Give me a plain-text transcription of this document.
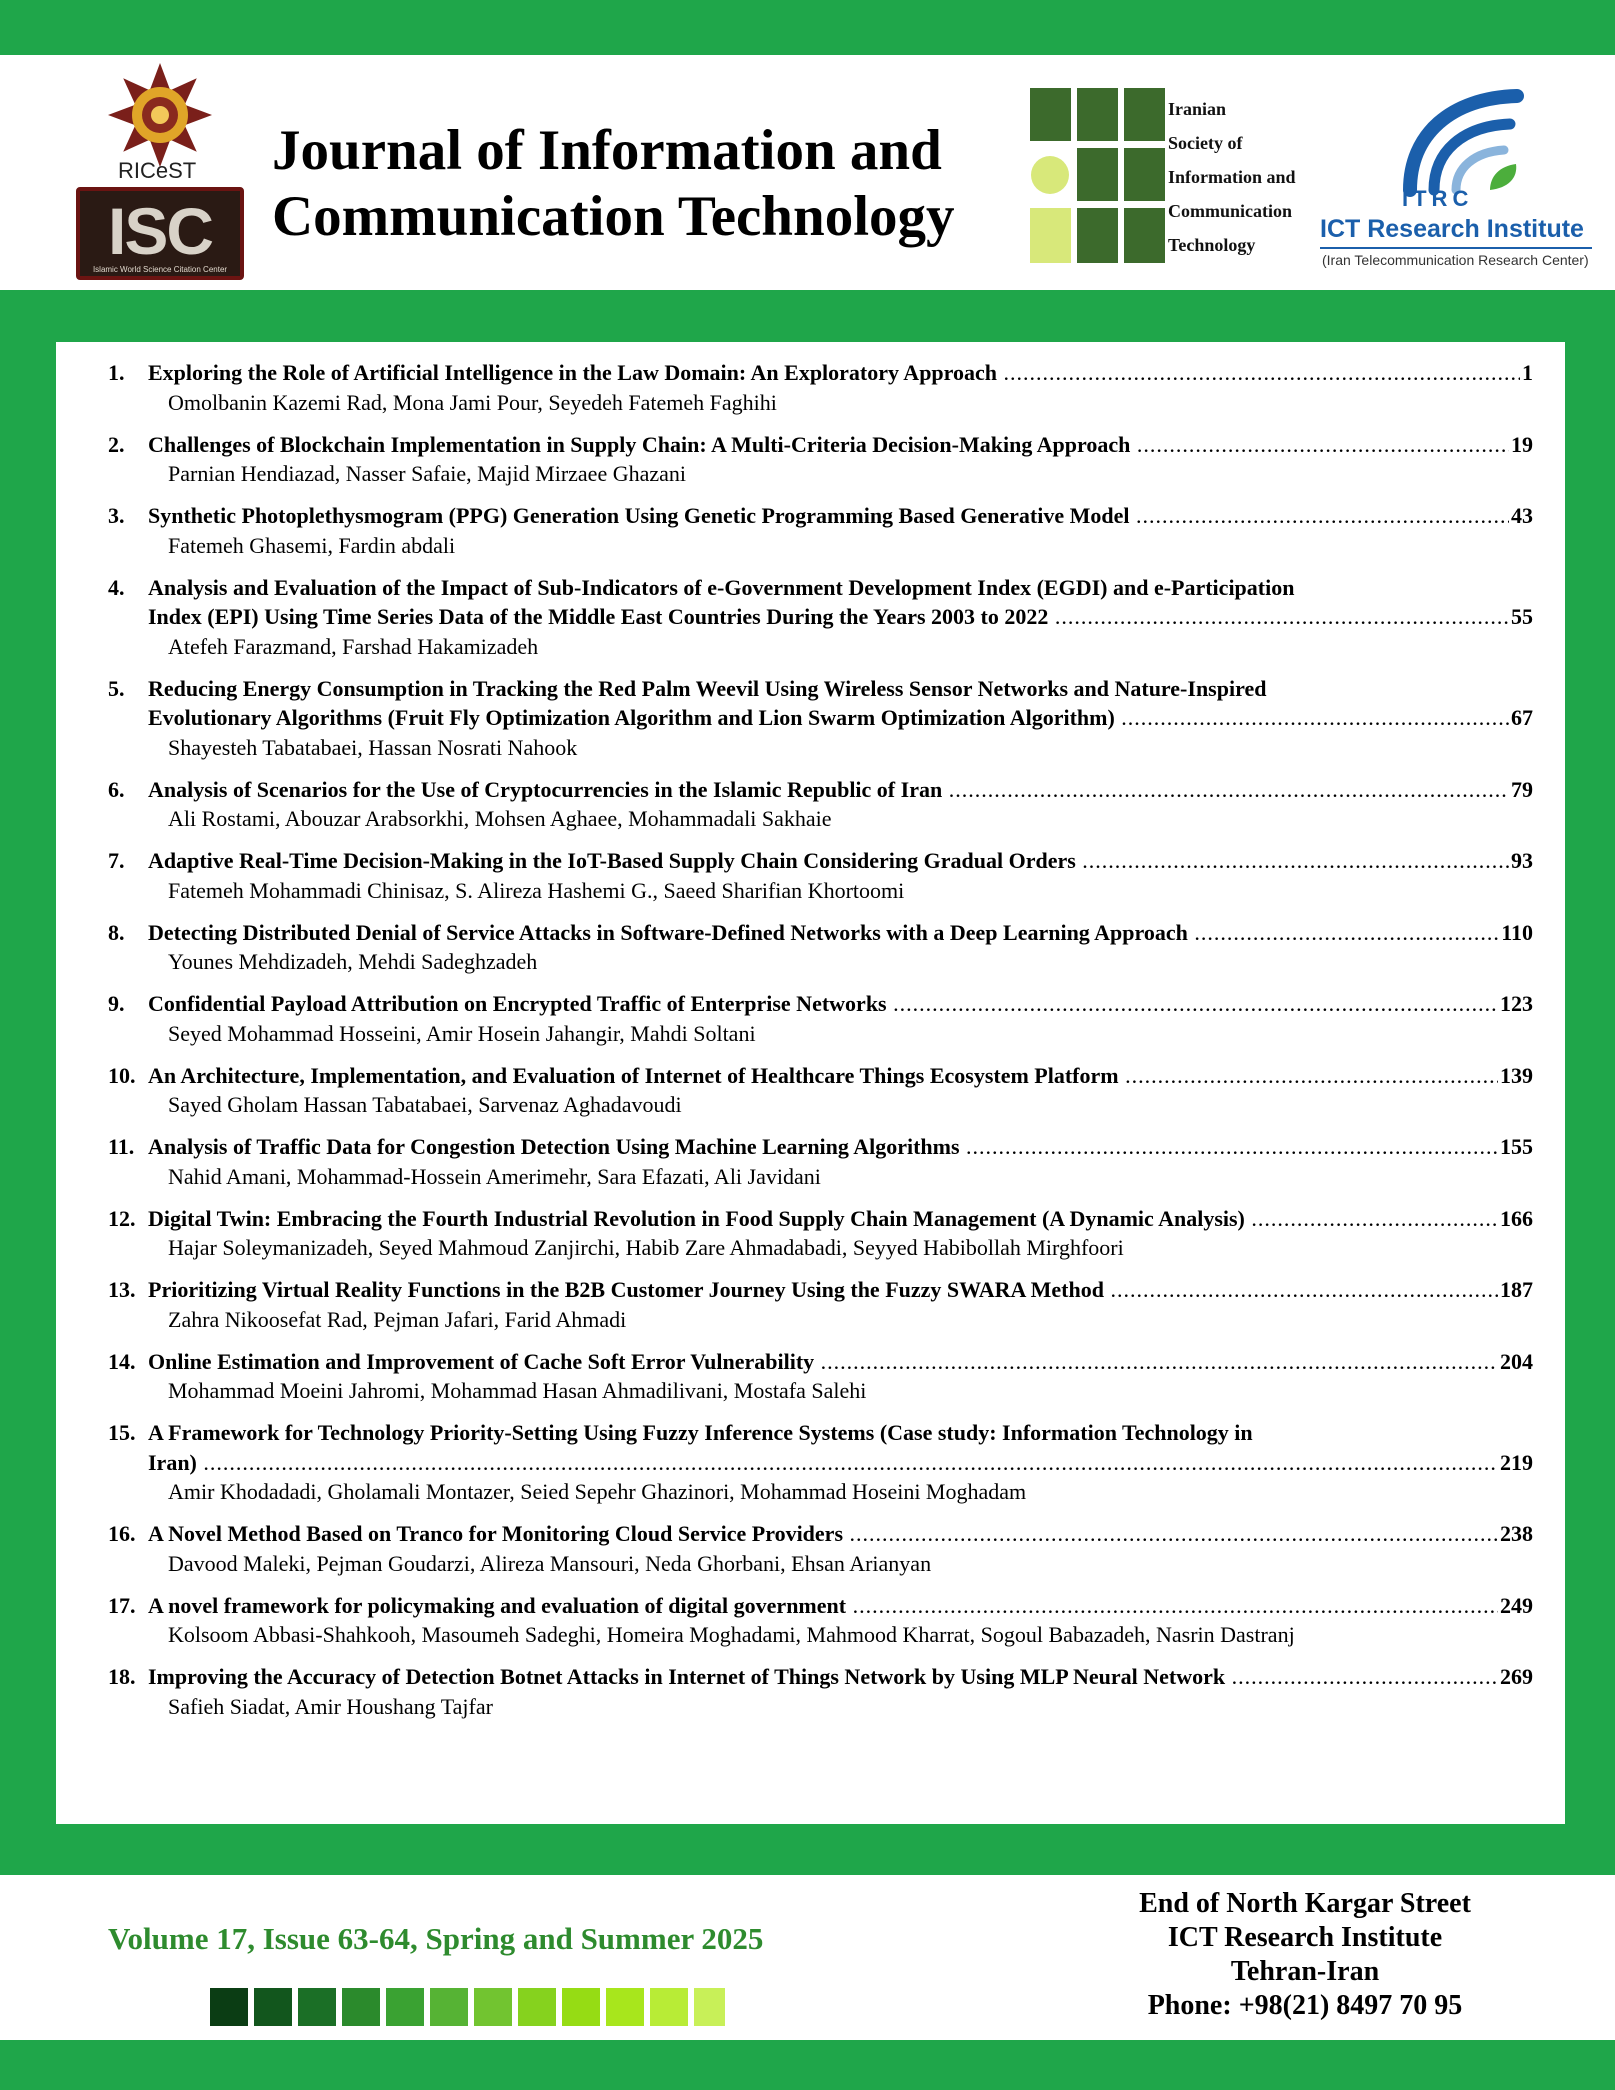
RICeST
ISC
Islamic World Science Citation Center
Journal of Information and
Communication Technology
Iranian
Society of
Information and
Communication
Technology
ITRC
ICT Research Institute
(Iran Telecommunication Research Center)
1.	Exploring the Role of Artificial Intelligence in the Law Domain: An Exploratory Approach .....	1
Omolbanin Kazemi Rad, Mona Jami Pour, Seyedeh Fatemeh Faghihi
2.	Challenges of Blockchain Implementation in Supply Chain: A Multi-Criteria Decision-Making Approach .....	19
Parnian Hendiazad, Nasser Safaie, Majid Mirzaee Ghazani
3.	Synthetic Photoplethysmogram (PPG) Generation Using Genetic Programming Based Generative Model .....	43
Fatemeh Ghasemi, Fardin abdali
4.	Analysis and Evaluation of the Impact of Sub-Indicators of e-Government Development Index (EGDI) and e-Participation
Index (EPI) Using Time Series Data of the Middle East Countries During the Years 2003 to 2022 .....	55
Atefeh Farazmand, Farshad Hakamizadeh
5.	Reducing Energy Consumption in Tracking the Red Palm Weevil Using Wireless Sensor Networks and Nature-Inspired
Evolutionary Algorithms (Fruit Fly Optimization Algorithm and Lion Swarm Optimization Algorithm) .....	67
Shayesteh Tabatabaei, Hassan Nosrati Nahook
6.	Analysis of Scenarios for the Use of Cryptocurrencies in the Islamic Republic of Iran .....	79
Ali Rostami, Abouzar Arabsorkhi, Mohsen Aghaee, Mohammadali Sakhaie
7.	Adaptive Real-Time Decision-Making in the IoT-Based Supply Chain Considering Gradual Orders .....	93
Fatemeh Mohammadi Chinisaz, S. Alireza Hashemi G., Saeed Sharifian Khortoomi
8.	Detecting Distributed Denial of Service Attacks in Software-Defined Networks with a Deep Learning Approach .....	110
Younes Mehdizadeh, Mehdi Sadeghzadeh
9.	Confidential Payload Attribution on Encrypted Traffic of Enterprise Networks .....	123
Seyed Mohammad Hosseini, Amir Hosein Jahangir, Mahdi Soltani
10. An Architecture, Implementation, and Evaluation of Internet of Healthcare Things Ecosystem Platform .....	139
Sayed Gholam Hassan Tabatabaei, Sarvenaz Aghadavoudi
11. Analysis of Traffic Data for Congestion Detection Using Machine Learning Algorithms .....	155
Nahid Amani, Mohammad-Hossein Amerimehr, Sara Efazati, Ali Javidani
12. Digital Twin: Embracing the Fourth Industrial Revolution in Food Supply Chain Management (A Dynamic Analysis) .....	166
Hajar Soleymanizadeh, Seyed Mahmoud Zanjirchi, Habib Zare Ahmadabadi, Seyyed Habibollah Mirghfoori
13. Prioritizing Virtual Reality Functions in the B2B Customer Journey Using the Fuzzy SWARA Method .....	187
Zahra Nikoosefat Rad, Pejman Jafari, Farid Ahmadi
14. Online Estimation and Improvement of Cache Soft Error Vulnerability .....	204
Mohammad Moeini Jahromi, Mohammad Hasan Ahmadilivani, Mostafa Salehi
15. A Framework for Technology Priority-Setting Using Fuzzy Inference Systems (Case study: Information Technology in
Iran) .....	219
Amir Khodadadi, Gholamali Montazer, Seied Sepehr Ghazinori, Mohammad Hoseini Moghadam
16. A Novel Method Based on Tranco for Monitoring Cloud Service Providers .....	238
Davood Maleki, Pejman Goudarzi, Alireza Mansouri, Neda Ghorbani, Ehsan Arianyan
17. A novel framework for policymaking and evaluation of digital government .....	249
Kolsoom Abbasi-Shahkooh, Masoumeh Sadeghi, Homeira Moghadami, Mahmood Kharrat, Sogoul Babazadeh, Nasrin Dastranj
18. Improving the Accuracy of Detection Botnet Attacks in Internet of Things Network by Using MLP Neural Network .....	269
Safieh Siadat, Amir Houshang Tajfar
Volume 17, Issue 63-64, Spring and Summer 2025
End of North Kargar Street
ICT Research Institute
Tehran-Iran
Phone: +98(21) 8497 70 95
